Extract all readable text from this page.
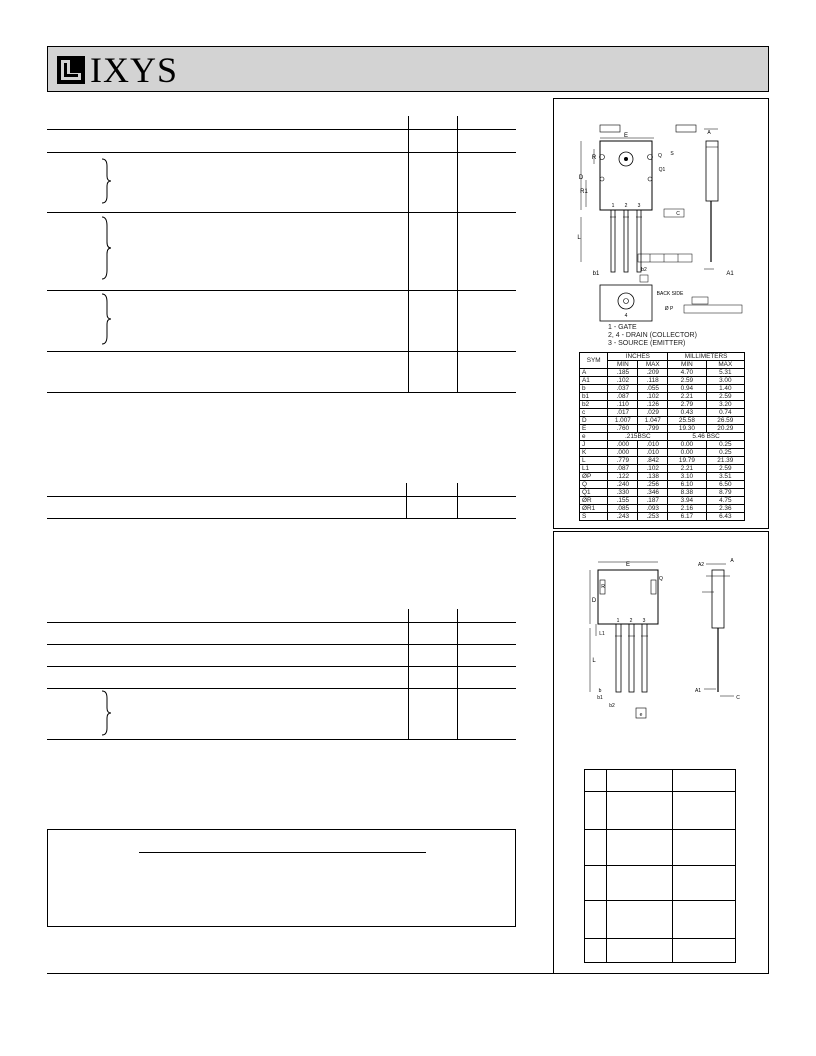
IXYS
D
E
L
R
R1
Q
Q1
S
b1
b2
A
A1
C
Ø P
BACK SIDE
1 2 3
4
1 - GATE
2, 4 - DRAIN (COLLECTOR)
3 - SOURCE (EMITTER)
SYM	INCHES		MILLIMETERS	
	MIN	MAX	MIN	MAX
A	.185	.209	4.70	5.31
A1	.102	.118	2.59	3.00
b	.037	.055	0.94	1.40
b1	.087	.102	2.21	2.59
b2	.110	.126	2.79	3.20
c	.017	.029	0.43	0.74
D	1.007	1.047	25.58	26.59
E	.760	.799	19.30	20.29
e	.215BSC		5.46 BSC	
J	.000	.010	0.00	0.25
K	.000	.010	0.00	0.25
L	.779	.842	19.79	21.39
L1	.087	.102	2.21	2.59
ØP	.122	.138	3.10	3.51
Q	.240	.256	6.10	6.50
Q1	.330	.346	8.38	8.79
ØR	.155	.187	3.94	4.75
ØR1	.085	.093	2.16	2.36
S	.243	.253	6.17	6.43
E
D
R
Q
L1
L
b
b1
b2
e
A
A2
A1
C
1 2 3
